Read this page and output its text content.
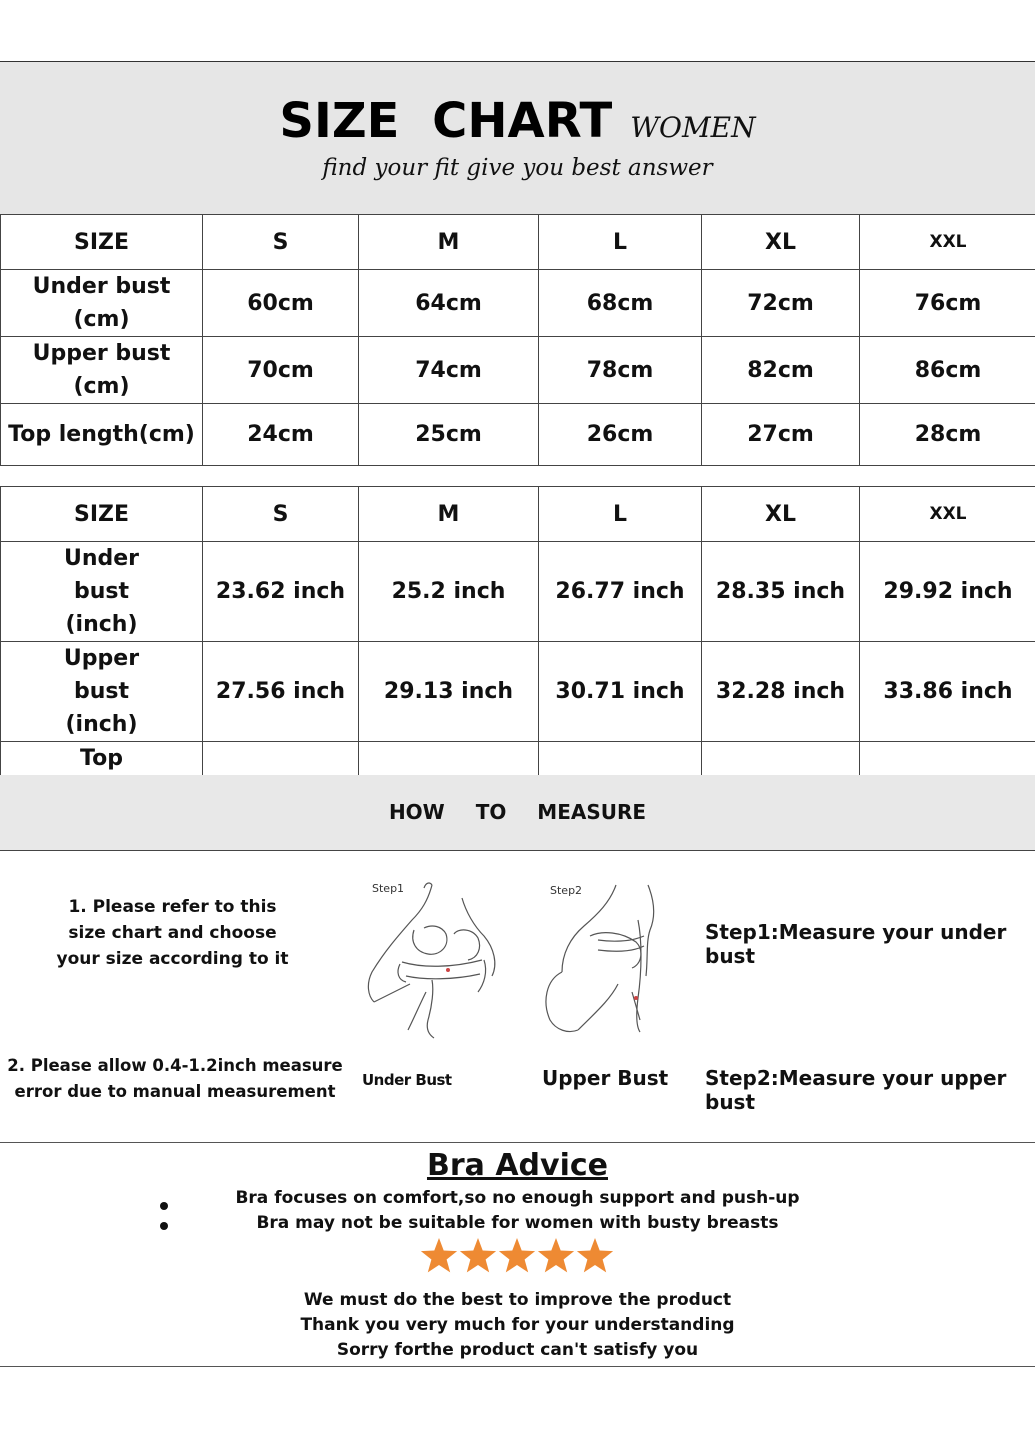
SIZE CHART WOMEN
find your fit give you best answer
SIZE	S	M	L	XL	XXL
Under bust (cm)	60cm	64cm	68cm	72cm	76cm
Upper bust (cm)	70cm	74cm	78cm	82cm	86cm
Top length(cm)	24cm	25cm	26cm	27cm	28cm
SIZE	S	M	L	XL	XXL
Under bust (inch)	23.62 inch	25.2 inch	26.77 inch	28.35 inch	29.92 inch
Upper bust (inch)	27.56 inch	29.13 inch	30.71 inch	32.28 inch	33.86 inch
Top					
HOW TO MEASURE
1. Please refer to this size chart and choose your size according to it
2. Please allow 0.4-1.2inch measure error due to manual measurement
Step1
Under Bust
Step2
Upper Bust
Step1:Measure your under bust
Step2:Measure your upper bust
Bra Advice
Bra focuses on comfort,so no enough support and push-up
Bra may not be suitable for women with busty breasts
We must do the best to improve the product
Thank you very much for your understanding
Sorry forthe product can't satisfy you
